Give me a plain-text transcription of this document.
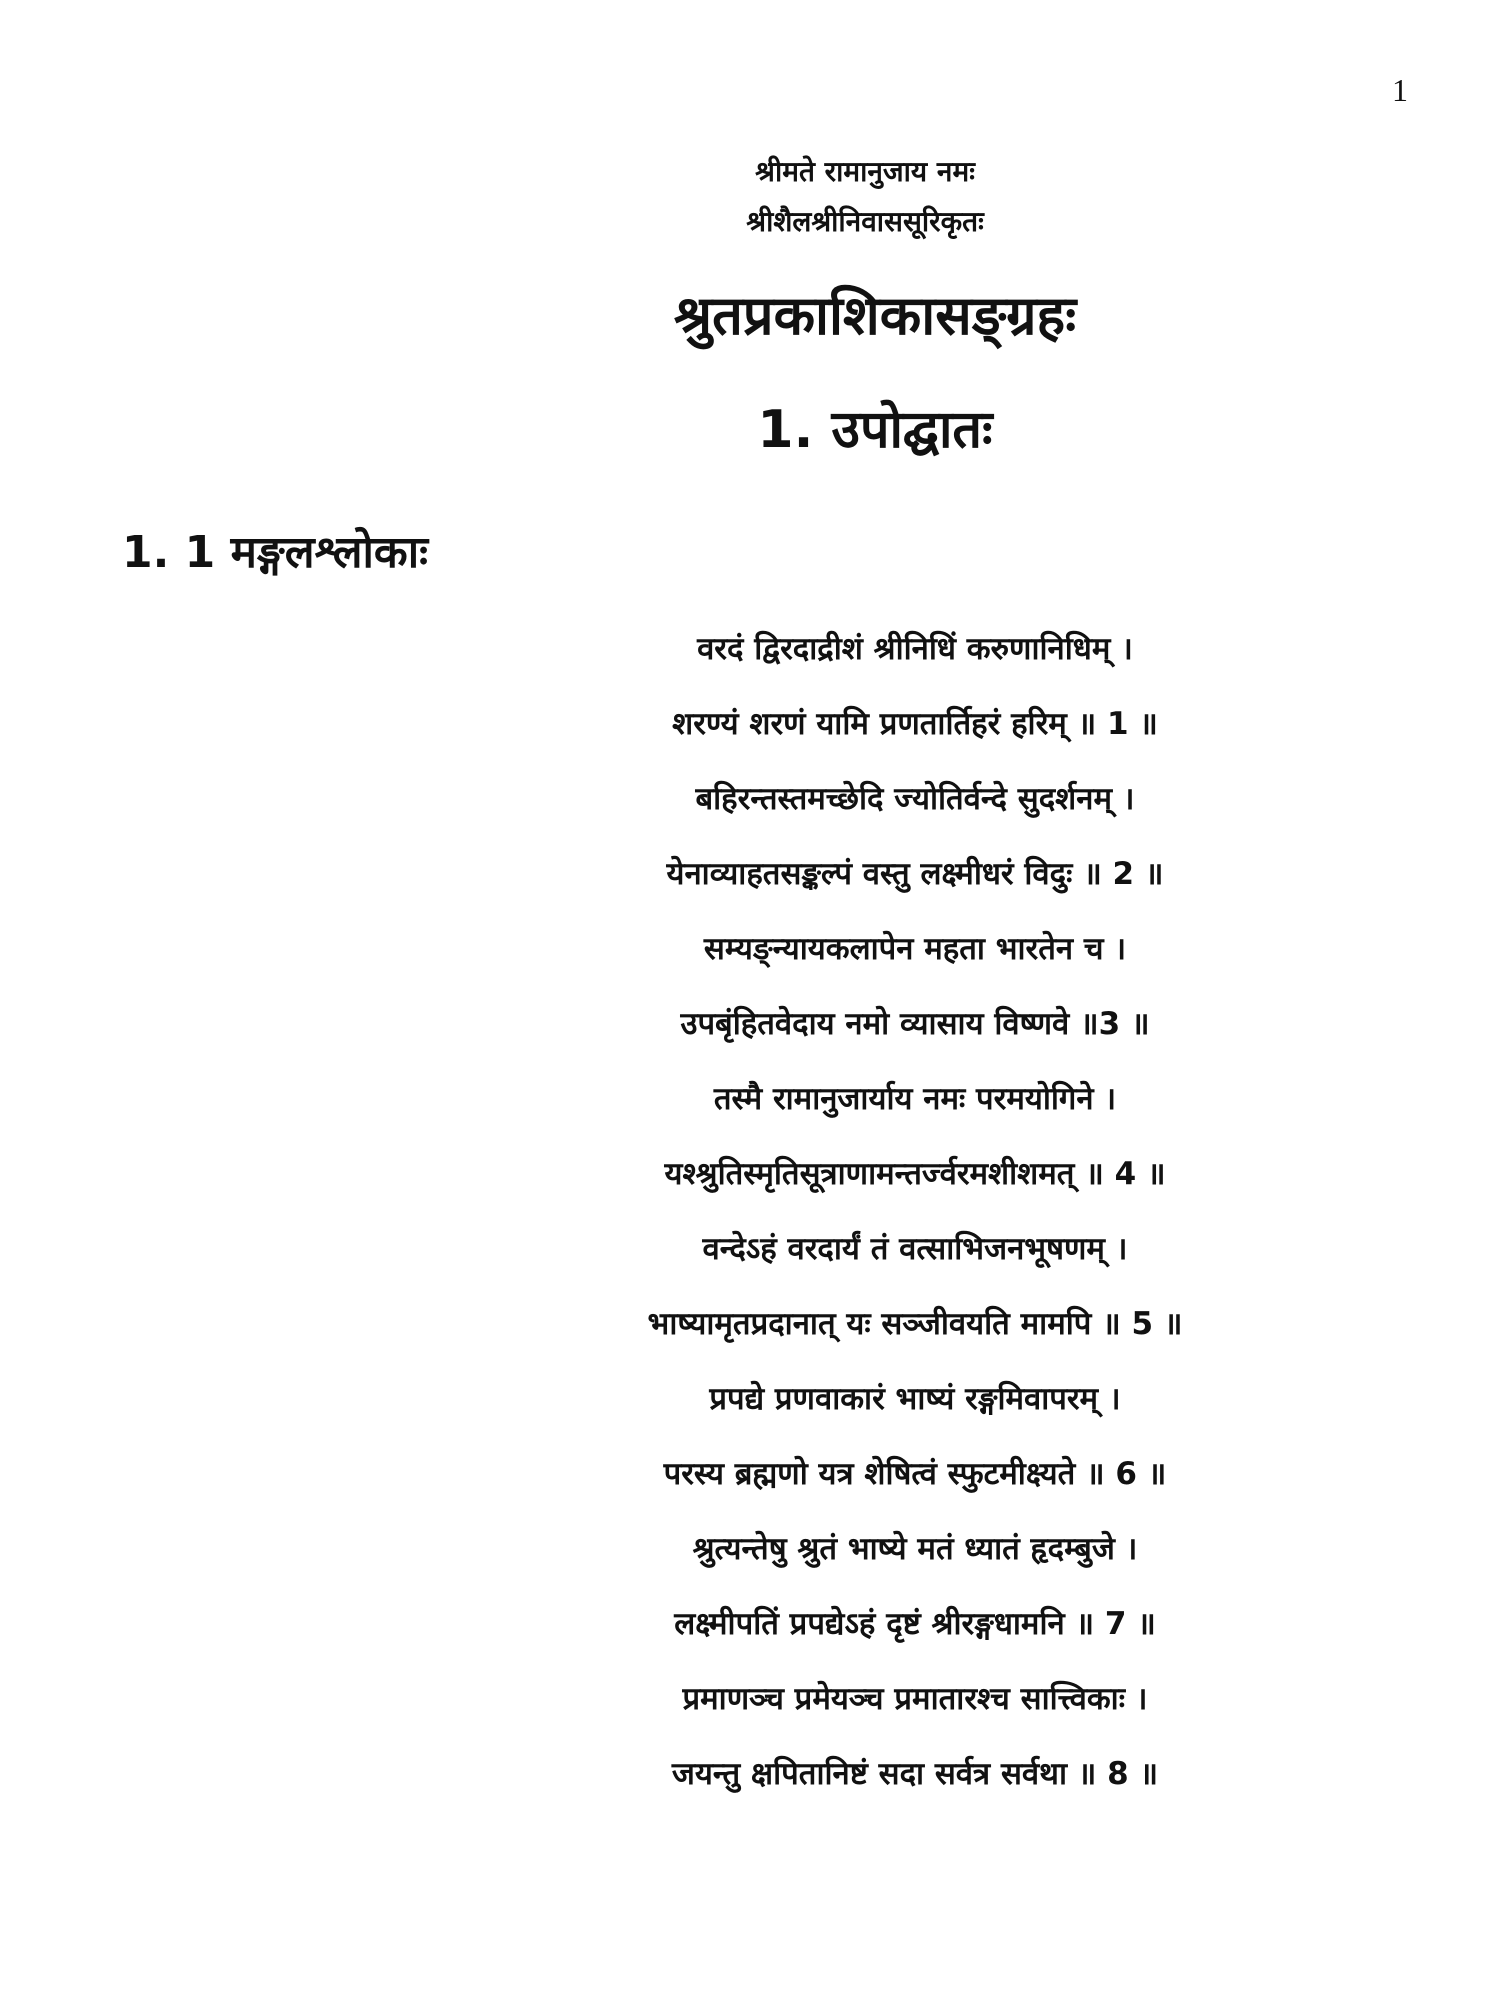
1
श्रीमते रामानुजाय नमः
श्रीशैलश्रीनिवाससूरिकृतः
श्रुतप्रकाशिकासङ्ग्रहः
1. उपोद्घातः
1. 1 मङ्गलश्लोकाः
वरदं द्विरदाद्रीशं श्रीनिधिं करुणानिधिम् ।
शरण्यं शरणं यामि प्रणतार्तिहरं हरिम् ॥ 1 ॥
बहिरन्तस्तमच्छेदि ज्योतिर्वन्दे सुदर्शनम् ।
येनाव्याहतसङ्कल्पं वस्तु लक्ष्मीधरं विदुः ॥ 2 ॥
सम्यङ्न्यायकलापेन महता भारतेन च ।
उपबृंहितवेदाय नमो व्यासाय विष्णवे ॥3 ॥
तस्मै रामानुजार्याय नमः परमयोगिने ।
यश्श्रुतिस्मृतिसूत्राणामन्तर्ज्वरमशीशमत् ॥ 4 ॥
वन्देऽहं वरदार्यं तं वत्साभिजनभूषणम् ।
भाष्यामृतप्रदानात् यः सञ्जीवयति मामपि ॥ 5 ॥
प्रपद्ये प्रणवाकारं भाष्यं रङ्गमिवापरम् ।
परस्य ब्रह्मणो यत्र शेषित्वं स्फुटमीक्ष्यते ॥ 6 ॥
श्रुत्यन्तेषु श्रुतं भाष्ये मतं ध्यातं हृदम्बुजे ।
लक्ष्मीपतिं प्रपद्येऽहं दृष्टं श्रीरङ्गधामनि ॥ 7 ॥
प्रमाणञ्च प्रमेयञ्च प्रमातारश्च सात्त्विकाः ।
जयन्तु क्षपितानिष्टं सदा सर्वत्र सर्वथा ॥ 8 ॥
